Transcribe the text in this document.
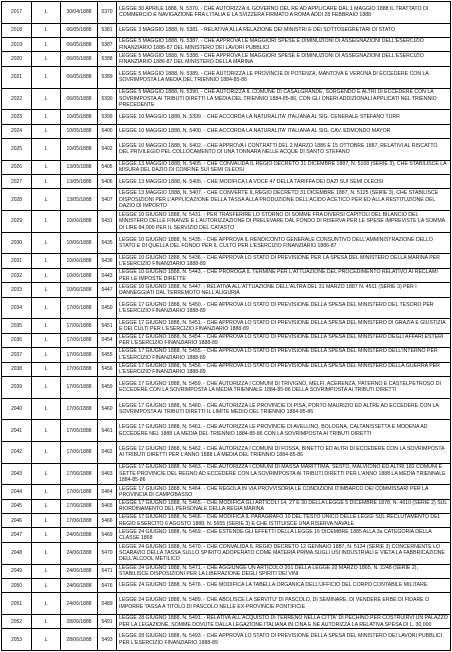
2017	L	30/04/1888	5370	LEGGE 30 APRILE 1888, N. 5370. - CHE AUTORIZZA IL GOVERNO DEL RE AD APPLICARE DAL 1 MAGGIO 1888 IL TRATTATO DI COMMERCIO E NAVIGAZIONE FRA L'ITALIA E LA SVIZZERA FIRMATO A ROMA ADDI 28 FEBBRAIO 1888
2018	L	06/05/1888	5381	LEGGE 3 MAGGIO 1888, N. 5381. - RELATIVA ALLA RELAZIONE DEI MINISTRI E DEI SOTTOSEGRETARI DI STATO
2019	L	06/05/1888	5387	LEGGE 5 MAGGIO 1888, N. 5387. - CHE APPROVA LE MAGGIORI SPESE E DIMINUZIONI DI ASSEGNAZIONI DELL'ESERCIZIO FINANZIARIO 1886-87 DEL MINISTERO DEI LAVORI PUBBLICI
2020	L	06/05/1888	5388	LEGGE 5 MAGGIO 1888, N. 5388. - CHE APPROVA LE MAGGIORI SPESE E DIMINUZIONI DI ASSEGNAZIONI DELL'ESERCIZIO FINANZIARIO 1886-87 DEL MINISTERO DELLA MARINA
2021	L	06/05/1888	5389	LEGGE 5 MAGGIO 1888, N. 5389. - CHE AUTORIZZA LE PROVINCIE DI POTENZA, MANTOVA E VERONA DI ECCEDERE CON LA SOVRIMPOSTA LA MEDIA DEL TRIENNIO 1884-85-86
2022	L	06/05/1888	5390	LEGGE 5 MAGGIO 1888, N. 5390. - CHE AUTORIZZA IL COMUNE DI CASALGRANDE, SORGENDO E ALTRI DI ECCEDERE CON LA SOVRIMPOSTA AI TRIBUTI DIRETTI LA MEDIA DEL TRIENNIO 1884-85-86, CON GLI ONERI ADDIZIONALI APPLICATI NEL TRIENNIO PRECEDENTE
2023	L	10/05/1888	5399	LEGGE 10 MAGGIO 1888, N. 5399. - CHE ACCORDA LA NATURALITA' ITALIANA AL SIG. CENERALE STEFANO TURR
2024	L	10/05/1888	5400	LEGGE 10 MAGGIO 1888, N. 5400. - CHE ACCORDA LA NATURALITA' ITALIANA AL SIG. CAV. EDMONDO MAYOR
2025	L	10/05/1888	5402	LEGGE 10 MAGGIO 1888, N. 5402. - CHE APPROVA I CONTRATTI DEL 2 MARZO 1886 E 15 OTTOBRE 1887, RELATIVI AL RISCATTO DEL PRIVILEGIO PEL COLLOCAMENTO DI UNA TONNARA NELLE ACQUE DI SANTO STEFANO
2026	L	13/05/1888	5405	LEGGE 13 MAGGIO 1888, N. 5405. - CHE CONVALIDA IL REGIO DECRETO 31 DICEMBRE 1887, N. 5168 (SERIE 3), CHE STABILISCE LA MISURA DEL DAZIO DI CONFINE SUI SEMI OLEOSI
2027	L	13/05/1888	5406	LEGGE 13 MAGGIO 1888, N. 5406. - CHE MODIFICA LA VOCE 47 DELLA TARIFFA DEI DAZI SUI SEMI OLEOSI
2028	L	13/05/1888	5407	LEGGE 13 MAGGIO 1888, N. 5407. - CHE CONVERTE IL REGIO DECRETO 31 DICEMBRE 1887, N. 5125 (SERIE 3), CHE STABILISCE DISPOSIZIONI PER L'APPLICAZIONE DELLA TASSA ALLA PRODUZIONE DELL'ACIDO ACETICO PER ED ALLA RESTITUZIONE DEL DAZIO DI IMPORTO
2029	L	10/06/1888	5431	LEGGE 10 GIUGNO 1888, N. 5431. - PER TRASFERIRE LO STORNO DI SOMME FRA DIVERSI CAPITOLI DEL BILANCIO DEL MINISTERO DELLE FINANZE E L'AUTORIZZAZIONE DI PRELEVARE DAL FONDO DI RISERVA PER LE SPESE IMPREVISTE LA SOMMA DI LIRE 84,000 PER IL SERVIZIO DEL CATASTO
2030	L	10/06/1888	5435	LEGGE 10 GIUGNO 1888, N. 5435. - CHE APPROVA IL RENDICONTO GENERALE CONSUNTIVO DELL'AMMINISTRAZIONE DELLO STATO E DI QUELLA DEL FONDO PER IL CULTO PER L'ESERCIZIO FINANZIARIO 1886-87
2031	L	10/06/1888	5436	LEGGE 10 GIUGNO 1888, N. 5436. - CHE APPROVA LO STATO DI PREVISIONE PER LA SPESA DEL MINISTERO DELLA MARINA PER L'ESERCIZIO FINANZIARIO 1888-89
2032	L	10/06/1888	5443	LEGGE 10 GIUGNO 1888, N. 5443. - CHE PROROGA IL TERMINE PER L'ATTUAZIONE DEL PROCEDIMENTO RELATIVO AI RECLAMI PER LE IMPOSTE DIRETTE
2033	L	10/06/1888	5447	LEGGE 10 GIUGNO 1888, N. 5447. - RELATIVA ALL'ATTUAZIONE DELL'ALTRA DEL 31 MARZO 1887 N. 4511 (SERIE 3) PER I DANNEGGIATI DAL TERREMOTO NELL'ALIGURIA
2034	L	17/06/1888	5450	LEGGE 17 GIUGNO 1888, N. 5450. - CHE APPROVA LO STATO DI PREVISIONE DELLA SPESA DEL MINISTERO DEL TESORO PER L'ESERCIZIO FINANZIARIO 1888-89
2035	L	17/06/1888	5451	LEGGE 17 GIUGNO 1888, N. 5451. - CHE APPROVA LO STATO DI PREVISIONE DELLA SPESA DEL MINISTERO DI GRAZIA E GIUSTIZIA E DEI CULTI PER L'ESERCIZIO FINANZIARIO 1888-89
2036	L	17/06/1888	5454	LEGGE 17 GIUGNO 1888, N. 5454. - CHE APPROVA LO STATO DI PREVISIONE DELLA SPESA DEL MINISTERO DEGLI AFFARI ESTERI PER L'ESERCIZIO FINANZIARIO 1888-89
2037	L	17/06/1888	5455	LEGGE 17 GIUGNO 1888, N. 5455. - CHE APPROVA LO STATO DI PREVISIONE DELLA SPESA DEL MINISTERO DELL'INTERNO PER L'ESERCIZIO FINANZIARIO 1888-89
2038	L	17/06/1888	5456	LEGGE 17 GIUGNO 1888, N. 5456. - CHE APPROVA LO STATO DI PREVISIONE DELLA SPESA DEL MINISTERO DELLA GUERRA PER L'ESERCIZIO FINANZIARIO 1888-89
2039	L	17/06/1888	5459	LEGGE 17 GIUGNO 1888, N. 5459. - CHE AUTORIZZA I COMUNI DI TRIVIGNO, MELFI, ACERENZA, PATERNO E CASTELPETROSO DI ECCEDERE CON LA SOVRIMPOSTA LA MEDIA TRIENNALE 1884-85-86 DELLA SOVRIMPOSTA AI TRIBUTI DIRETTI
2040	L	17/06/1888	5460	LEGGE 17 GIUGNO 1888, N. 5460. - CHE AUTORIZZA LE PROVINCIE DI PISA, PORTO MAURIZIO ED ALTRE AD ECCEDERE CON LA SOVRIMPOSTA AI TRIBUTI DIRETTI IL LIMITE MEDIO DEL TRIENNIO 1884-85-86
2041	L	17/06/1888	5461	LEGGE 17 GIUGNO 1888, N. 5461. - CHE AUTORIZZA LE PROVINCIE DI AVELLINO, BOLOGNA, CALTANISSETTA E MODENA AD ECCEDERE NEL 1888 LA MEDIA DEL TRIENNIO 1884-85-86 CON LA SOVRIMPOSTA AI TRIBUTI DIRETTI
2042	L	17/06/1888	5462	LEGGE 17 GIUGNO 1888, N. 5462. - CHE AUTORIZZA I COMUNI DI FOSSA, BINETTO ED ALTRI DI ECCEDERE CON LA SOVRIMPOSTA AI TRIBUTI DIRETTI PER L'ANNO 1888 LA MEDIA DEL TRIENNIO 1884-85-86
2043	L	17/06/1888	5463	LEGGE 17 GIUGNO 1888, N. 5463. - CHE AUTORIZZA I COMUNI DI MASSA MARITTIMA, SESTO, MALVICINO ED ALTRI 182 COMUNI E SETTE PROVINCIE DEL REGNO AD ECCEDERE CON LA SOVRIMPOSTA AI TRIBUTI DIRETTI PER L'ANNO 1888 LA MEDIA TRIENNALE 1884-85-86
2044	L	17/06/1888	5464	LEGGE 17 GIUGNO 1888, N. 5464. - CHE REGOLA IN VIA PROVVISORIA LE CONDIZIONI D'IMBARCO DEI COMMISSARI PER LA PROVINCIA DI CAMPOBASSO
2045	L	17/06/1888	5465	LEGGE 17 GIUGNO 1888, N. 5465. - CHE MODIFICA GLI ARTICOLI 14, 27 E 30 DELLA LEGGE 5 DICEMBRE 1878, N. 4610 (SERIE 2) SUL RIORDINAMENTO DEL PERSONALE DELLA REGIA MARINA
2046	L	17/06/1888	5466	LEGGE 17 GIUGNO 1888, N. 5466. - CHE MODIFICA IL PARAGRAFO 10 DEL TESTO UNICO DELLE LEGGI SUL RECLUTAMENTO DEL REGIO ESERCITO 6 AGOSTO 1888, N. 5655 (SERIE 3) E CHE ISTITUISCE UNA RISERVA NAVALE
2047	L	24/06/1888	5469	LEGGE 24 GIUGNO 1888, N. 5469. - CHE ESTENDE GLI EFFETTI DELLA LEGGE 16 DICEMBRE 1885 ALLA 3a CATEGORIA DELLA CLASSE 1868
2048	L	24/06/1888	5470	LEGGE 24 GIUGNO 1888, N. 5470. - CHE CONVALIDA IL REGIO DECRETO 12 GENNAIO 1887, N. 5134 (SERIE 3) CONCERNENTE LO SCARAVIO DELLA TASSA SULLO SPIRITO ADOPERATO COME MATERIA PRIMA SUGLI USI INDUSTRIALI E VIETA LA FABBRICAZIONE DELL'ALCOOL METILICO
2049	L	24/06/1888	5471	LEGGE 24 GIUGNO 1888, N. 5471. - CHE AGGIUNGE UN ARTICOLO 201 DELLA LEGGE 20 MARZO 1865, N. 2248 (SERIE 2), STABILISCE DISPOSIZIONI PER LA LIBERAZIONE DEGLI SPIRITI DEI VINI
2050	L	24/06/1888	5476	LEGGE 24 GIUGNO 1888, N. 5476. - CHE MODIFICA LA TABELLA ORGANICA DELL'UFFICIO DEL CORPO CONTABILE MILITARE
2051	L	24/06/1888	5489	LEGGE 24 GIUGNO 1888, N. 5489. - CHE ABOLISCE LA SERVITU' DI PASCOLO, DI SEMINARE, DI VENDERE ERBE DI FIDARE O IMPORRE TASSA A TITOLO DI PASCOLO NELLE EX-PROVINCIE PONTIFICIE
2052	L	28/06/1888	5491	LEGGE 28 GIUGNO 1888, N. 5491. - RELATIVA ALL'ACQUISTO DI TERRENO NELLA CITTA' DI PECHINO PER COSTRUIRVI UN PALAZZO PER LA LEGAZIONE, SOMME DOVUTE DALLA LEGAZIONE ITALIANA IN CINA E NE AUTORIZZA LA RELATIVA SPESA DI L. 30,000
2053	L	28/06/1888	5493	LEGGE 28 GIUGNO 1888, N. 5493. - CHE APPROVA LO STATO DI PREVISIONE DELLA SPESA DEL MINISTERO DEI LAVORI PUBBLICI PER L'ESERCIZIO FINANZIARIO 1888-89
